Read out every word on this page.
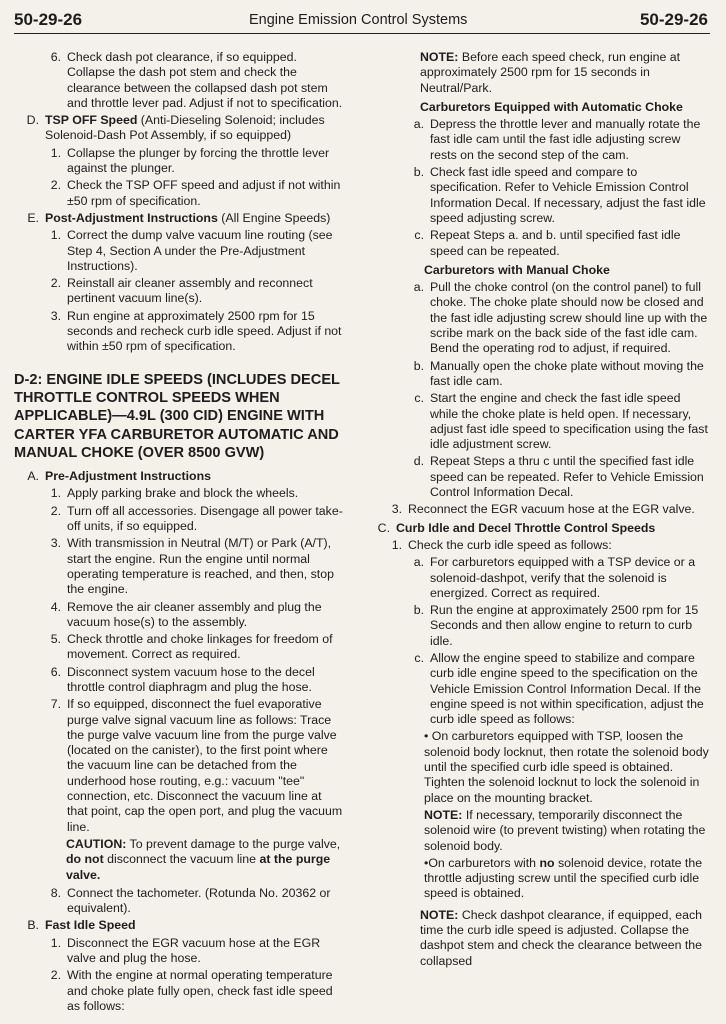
50-29-26	Engine Emission Control Systems	50-29-26
6. Check dash pot clearance, if so equipped. Collapse the dash pot stem and check the clearance between the collapsed dash pot stem and throttle lever pad. Adjust if not to specification.
D. TSP OFF Speed (Anti-Dieseling Solenoid; includes Solenoid-Dash Pot Assembly, if so equipped)
1. Collapse the plunger by forcing the throttle lever against the plunger.
2. Check the TSP OFF speed and adjust if not within ±50 rpm of specification.
E. Post-Adjustment Instructions (All Engine Speeds)
1. Correct the dump valve vacuum line routing (see Step 4, Section A under the Pre-Adjustment Instructions).
2. Reinstall air cleaner assembly and reconnect pertinent vacuum line(s).
3. Run engine at approximately 2500 rpm for 15 seconds and recheck curb idle speed. Adjust if not within ±50 rpm of specification.
D-2: ENGINE IDLE SPEEDS (INCLUDES DECEL THROTTLE CONTROL SPEEDS WHEN APPLICABLE)—4.9L (300 CID) ENGINE WITH CARTER YFA CARBURETOR AUTOMATIC AND MANUAL CHOKE (OVER 8500 GVW)
A. Pre-Adjustment Instructions
1. Apply parking brake and block the wheels.
2. Turn off all accessories. Disengage all power take-off units, if so equipped.
3. With transmission in Neutral (M/T) or Park (A/T), start the engine. Run the engine until normal operating temperature is reached, and then, stop the engine.
4. Remove the air cleaner assembly and plug the vacuum hose(s) to the assembly.
5. Check throttle and choke linkages for freedom of movement. Correct as required.
6. Disconnect system vacuum hose to the decel throttle control diaphragm and plug the hose.
7. If so equipped, disconnect the fuel evaporative purge valve signal vacuum line as follows: Trace the purge valve vacuum line from the purge valve (located on the canister), to the first point where the vacuum line can be detached from the underhood hose routing, e.g.: vacuum "tee" connection, etc. Disconnect the vacuum line at that point, cap the open port, and plug the vacuum line.
CAUTION: To prevent damage to the purge valve, do not disconnect the vacuum line at the purge valve.
8. Connect the tachometer. (Rotunda No. 20362 or equivalent).
B. Fast Idle Speed
1. Disconnect the EGR vacuum hose at the EGR valve and plug the hose.
2. With the engine at normal operating temperature and choke plate fully open, check fast idle speed as follows:
NOTE: Before each speed check, run engine at approximately 2500 rpm for 15 seconds in Neutral/Park.
Carburetors Equipped with Automatic Choke
a. Depress the throttle lever and manually rotate the fast idle cam until the fast idle adjusting screw rests on the second step of the cam.
b. Check fast idle speed and compare to specification. Refer to Vehicle Emission Control Information Decal. If necessary, adjust the fast idle speed adjusting screw.
c. Repeat Steps a. and b. until specified fast idle speed can be repeated.
Carburetors with Manual Choke
a. Pull the choke control (on the control panel) to full choke. The choke plate should now be closed and the fast idle adjusting screw should line up with the scribe mark on the back side of the fast idle cam. Bend the operating rod to adjust, if required.
b. Manually open the choke plate without moving the fast idle cam.
c. Start the engine and check the fast idle speed while the choke plate is held open. If necessary, adjust fast idle speed to specification using the fast idle adjustment screw.
d. Repeat Steps a thru c until the specified fast idle speed can be repeated. Refer to Vehicle Emission Control Information Decal.
3. Reconnect the EGR vacuum hose at the EGR valve.
C. Curb Idle and Decel Throttle Control Speeds
1. Check the curb idle speed as follows:
a. For carburetors equipped with a TSP device or a solenoid-dashpot, verify that the solenoid is energized. Correct as required.
b. Run the engine at approximately 2500 rpm for 15 Seconds and then allow engine to return to curb idle.
c. Allow the engine speed to stabilize and compare curb idle engine speed to the specification on the Vehicle Emission Control Information Decal. If the engine speed is not within specification, adjust the curb idle speed as follows:
• On carburetors equipped with TSP, loosen the solenoid body locknut, then rotate the solenoid body until the specified curb idle speed is obtained. Tighten the solenoid locknut to lock the solenoid in place on the mounting bracket.
NOTE: If necessary, temporarily disconnect the solenoid wire (to prevent twisting) when rotating the solenoid body.
•On carburetors with no solenoid device, rotate the throttle adjusting screw until the specified curb idle speed is obtained.
NOTE: Check dashpot clearance, if equipped, each time the curb idle speed is adjusted. Collapse the dashpot stem and check the clearance between the collapsed
